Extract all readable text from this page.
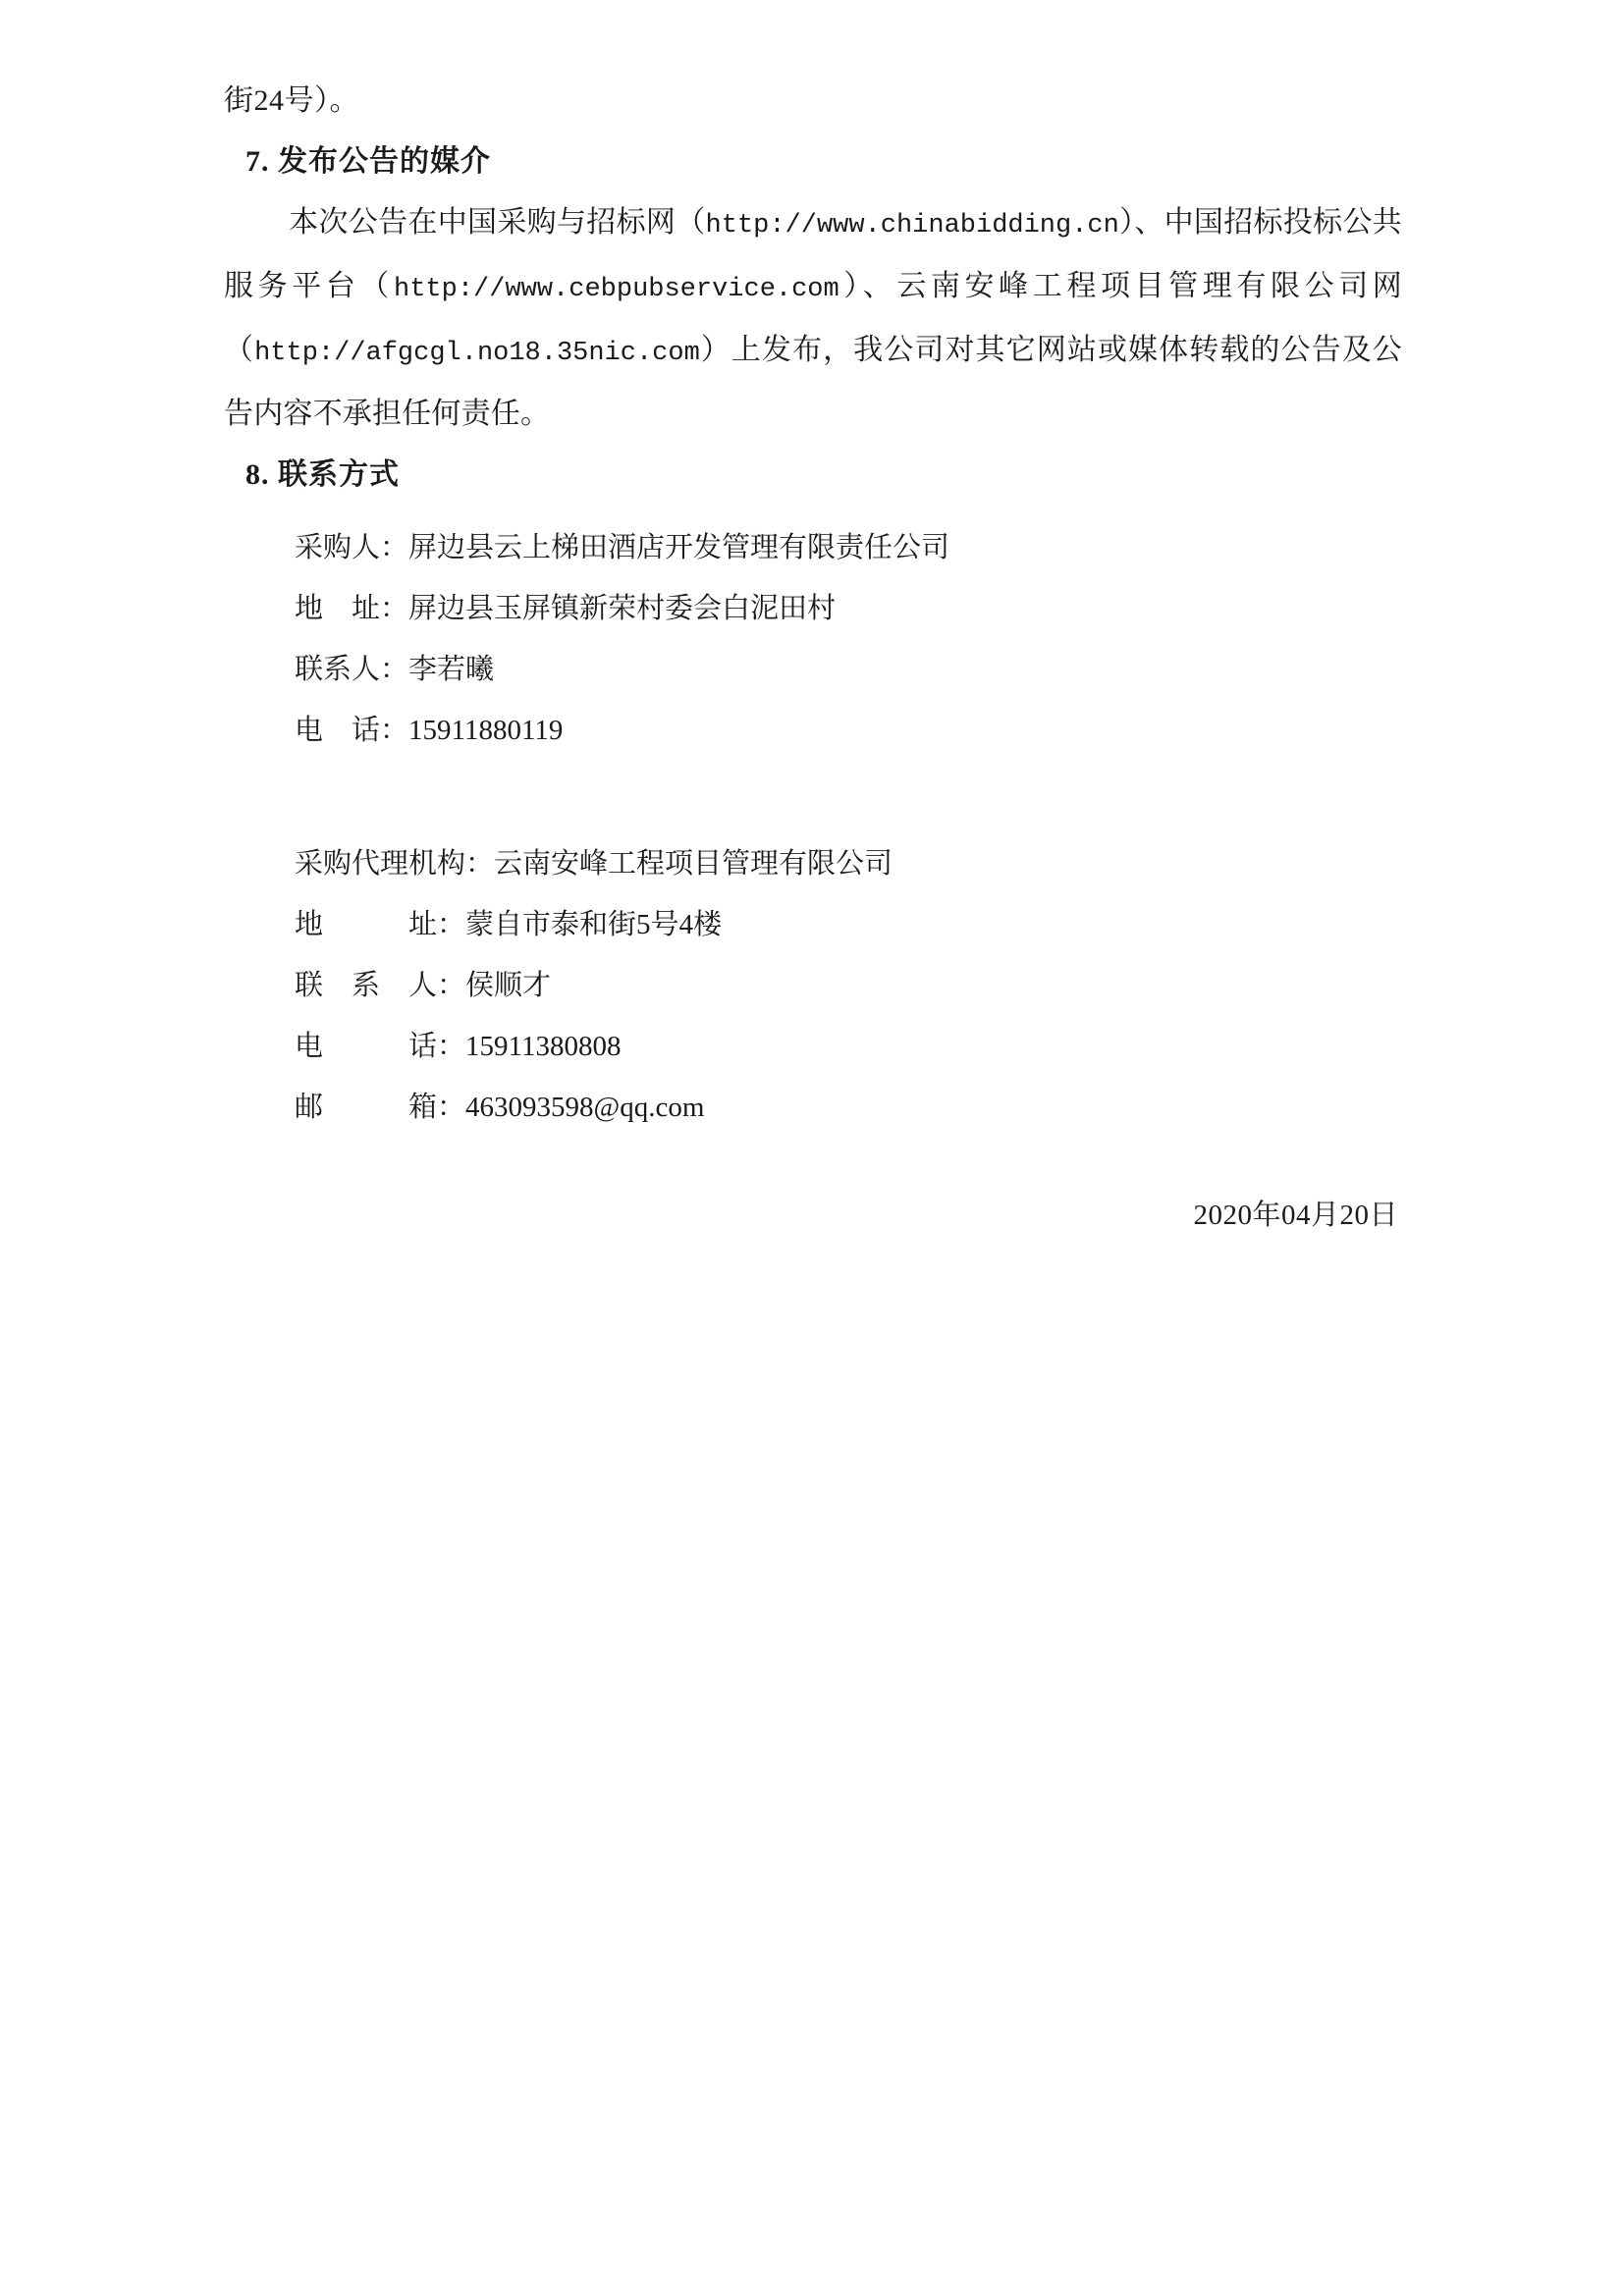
街24号）。
7. 发布公告的媒介
本次公告在中国采购与招标网（http://www.chinabidding.cn）、中国招标投标公共服务平台（http://www.cebpubservice.com）、云南安峰工程项目管理有限公司网（http://afgcgl.no18.35nic.com）上发布，我公司对其它网站或媒体转载的公告及公告内容不承担任何责任。
8. 联系方式
采购人：屏边县云上梯田酒店开发管理有限责任公司
地　址：屏边县玉屏镇新荣村委会白泥田村
联系人：李若曦
电　话：15911880119
采购代理机构：云南安峰工程项目管理有限公司
地　　　址：蒙自市泰和街5号4楼
联　系　人：侯顺才
电　　　话：15911380808
邮　　　箱：463093598@qq.com
2020年04月20日
